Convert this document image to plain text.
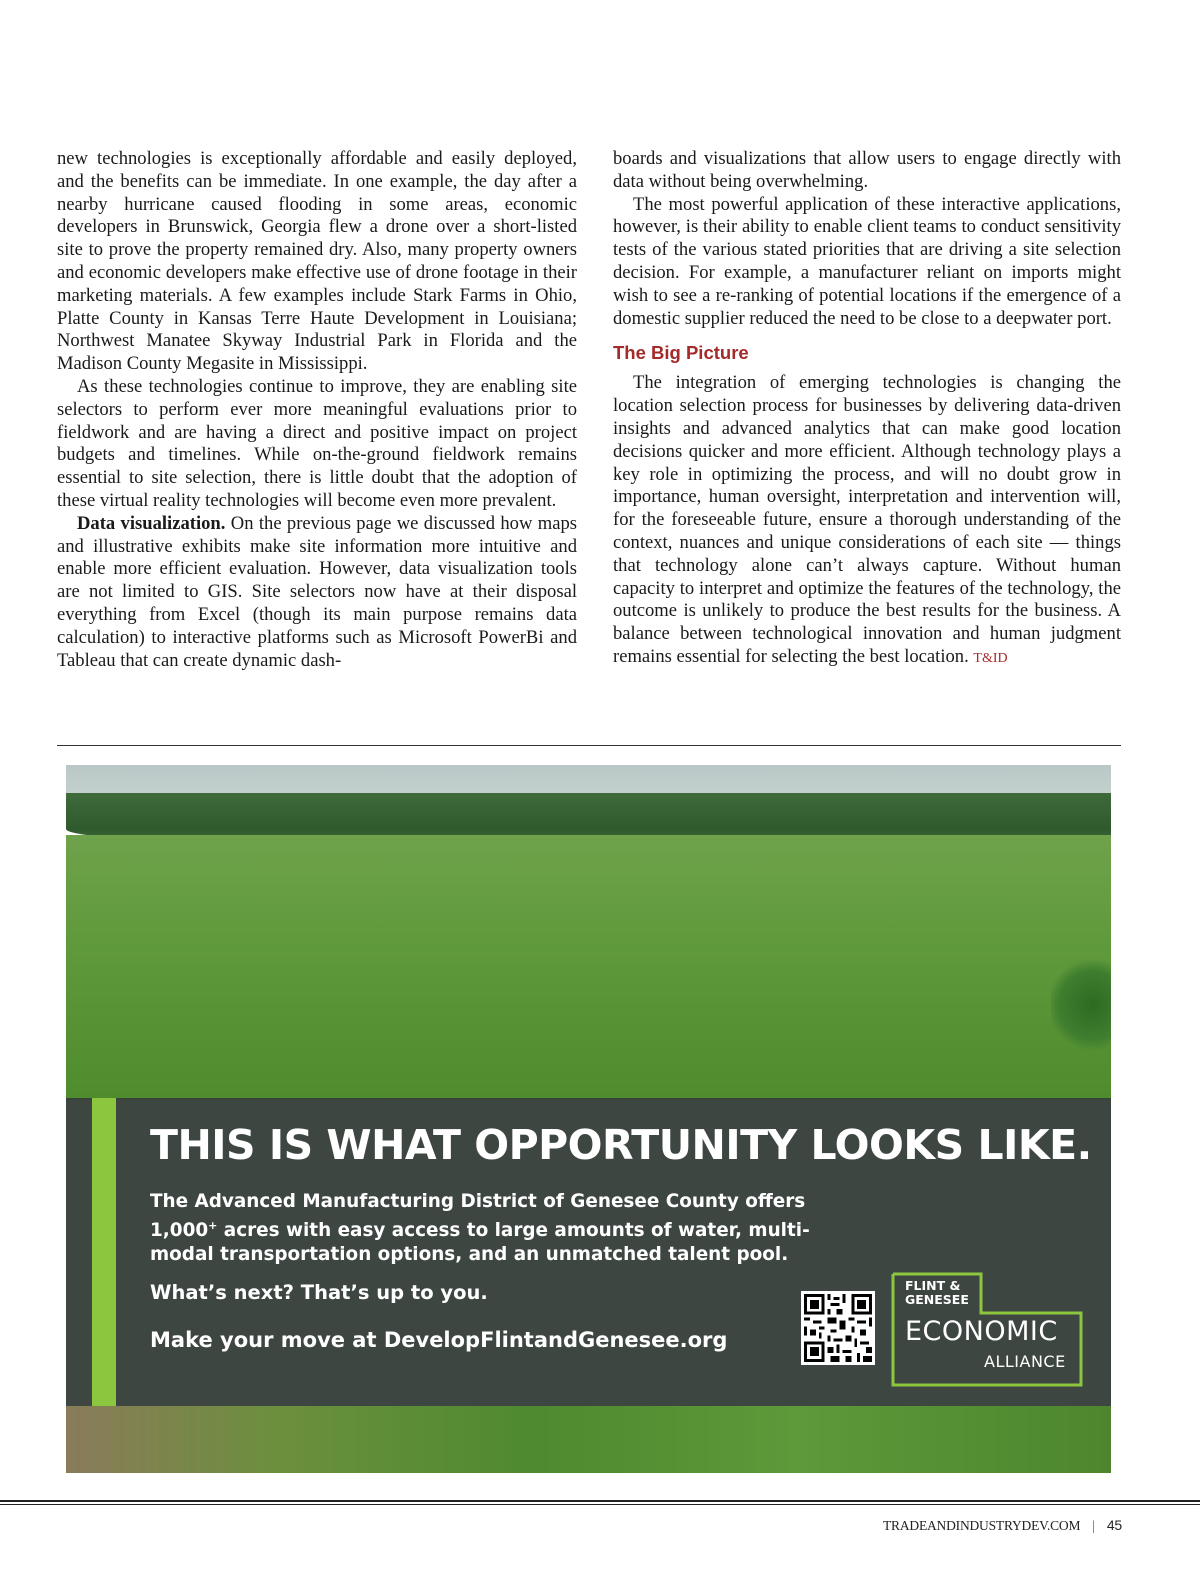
new technologies is exceptionally affordable and easily deployed, and the benefits can be immediate. In one example, the day after a nearby hurricane caused flooding in some areas, economic developers in Brunswick, Georgia flew a drone over a short-listed site to prove the property remained dry. Also, many property owners and economic developers make effective use of drone footage in their marketing materials. A few examples include Stark Farms in Ohio, Platte County in Kansas Terre Haute Development in Louisiana; Northwest Manatee Skyway Industrial Park in Florida and the Madison County Megasite in Mississippi.

As these technologies continue to improve, they are enabling site selectors to perform ever more meaningful evaluations prior to fieldwork and are having a direct and positive impact on project budgets and timelines. While on-the-ground fieldwork remains essential to site selection, there is little doubt that the adoption of these virtual reality technologies will become even more prevalent.

Data visualization. On the previous page we discussed how maps and illustrative exhibits make site information more intuitive and enable more efficient evaluation. However, data visualization tools are not limited to GIS. Site selectors now have at their disposal everything from Excel (though its main purpose remains data calculation) to interactive platforms such as Microsoft PowerBi and Tableau that can create dynamic dash-

boards and visualizations that allow users to engage directly with data without being overwhelming.

The most powerful application of these interactive applications, however, is their ability to enable client teams to conduct sensitivity tests of the various stated priorities that are driving a site selection decision. For example, a manufacturer reliant on imports might wish to see a re-ranking of potential locations if the emergence of a domestic supplier reduced the need to be close to a deepwater port.

The Big Picture

The integration of emerging technologies is changing the location selection process for businesses by delivering data-driven insights and advanced analytics that can make good location decisions quicker and more efficient. Although technology plays a key role in optimizing the process, and will no doubt grow in importance, human oversight, interpretation and intervention will, for the foreseeable future, ensure a thorough understanding of the context, nuances and unique considerations of each site — things that technology alone can’t always capture. Without human capacity to interpret and optimize the features of the technology, the outcome is unlikely to produce the best results for the business. A balance between technological innovation and human judgment remains essential for selecting the best location. T&ID

THIS IS WHAT OPPORTUNITY LOOKS LIKE.
The Advanced Manufacturing District of Genesee County offers
1,000+ acres with easy access to large amounts of water, multi-
modal transportation options, and an unmatched talent pool.
What’s next? That’s up to you.
Make your move at DevelopFlintandGenesee.org
FLINT &
GENESEE
ECONOMIC
ALLIANCE
TRADEANDINDUSTRYDEV.COM | 45
